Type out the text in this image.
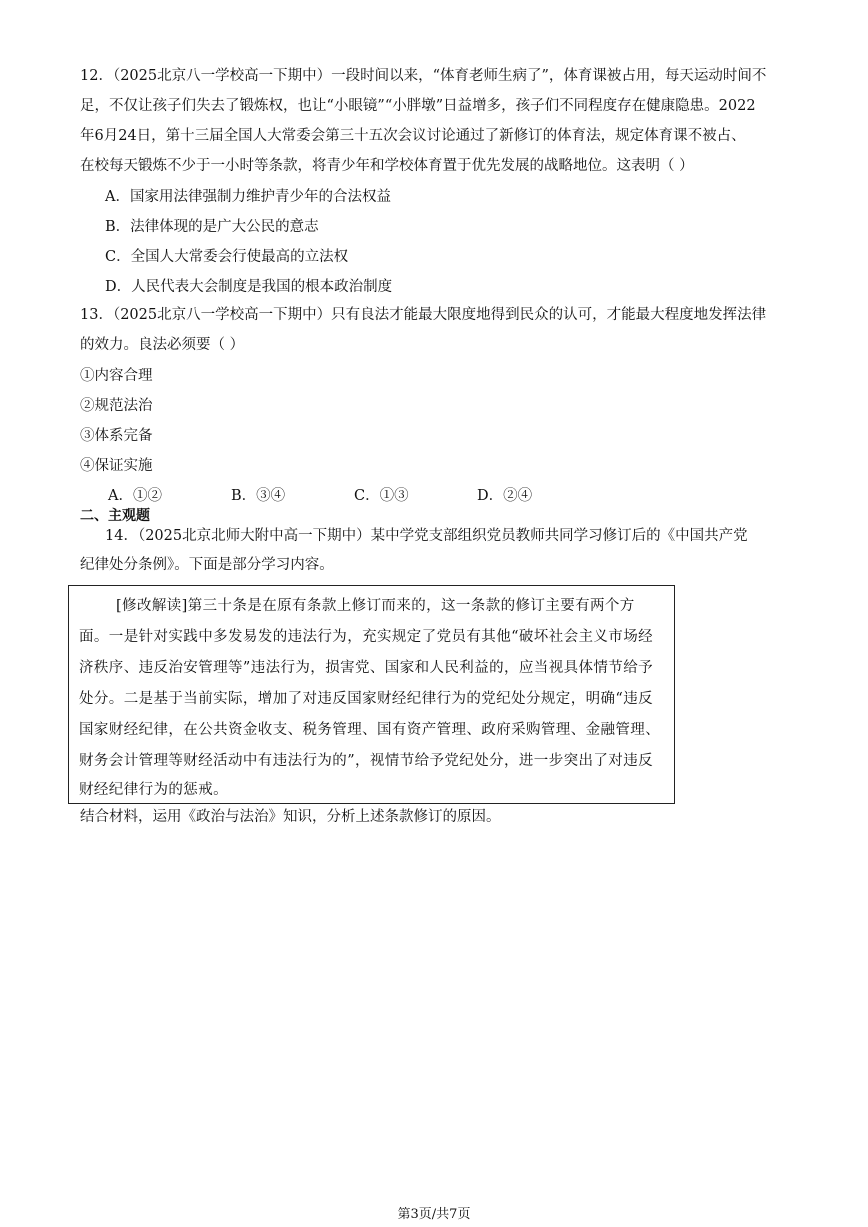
12．（2025北京八一学校高一下期中）一段时间以来，“体育老师生病了”，体育课被占用，每天运动时间不
足，不仅让孩子们失去了锻炼权，也让“小眼镜”“小胖墩”日益增多，孩子们不同程度存在健康隐患。2022
年6月24日，第十三届全国人大常委会第三十五次会议讨论通过了新修订的体育法，规定体育课不被占、
在校每天锻炼不少于一小时等条款，将青少年和学校体育置于优先发展的战略地位。这表明（ ）
A．国家用法律强制力维护青少年的合法权益
B．法律体现的是广大公民的意志
C．全国人大常委会行使最高的立法权
D．人民代表大会制度是我国的根本政治制度
13．（2025北京八一学校高一下期中）只有良法才能最大限度地得到民众的认可，才能最大程度地发挥法律
的效力。良法必须要（ ）
①内容合理
②规范法治
③体系完备
④保证实施
A．①②	B．③④	C．①③	D．②④
二、主观题
14．（2025北京北师大附中高一下期中）某中学党支部组织党员教师共同学习修订后的《中国共产党
纪律处分条例》。下面是部分学习内容。
[修改解读]第三十条是在原有条款上修订而来的，这一条款的修订主要有两个方
面。一是针对实践中多发易发的违法行为，充实规定了党员有其他“破坏社会主义市场经
济秩序、违反治安管理等”违法行为，损害党、国家和人民利益的，应当视具体情节给予
处分。二是基于当前实际，增加了对违反国家财经纪律行为的党纪处分规定，明确“违反
国家财经纪律，在公共资金收支、税务管理、国有资产管理、政府采购管理、金融管理、
财务会计管理等财经活动中有违法行为的”，视情节给予党纪处分，进一步突出了对违反
财经纪律行为的惩戒。
结合材料，运用《政治与法治》知识，分析上述条款修订的原因。
第3页/共7页
